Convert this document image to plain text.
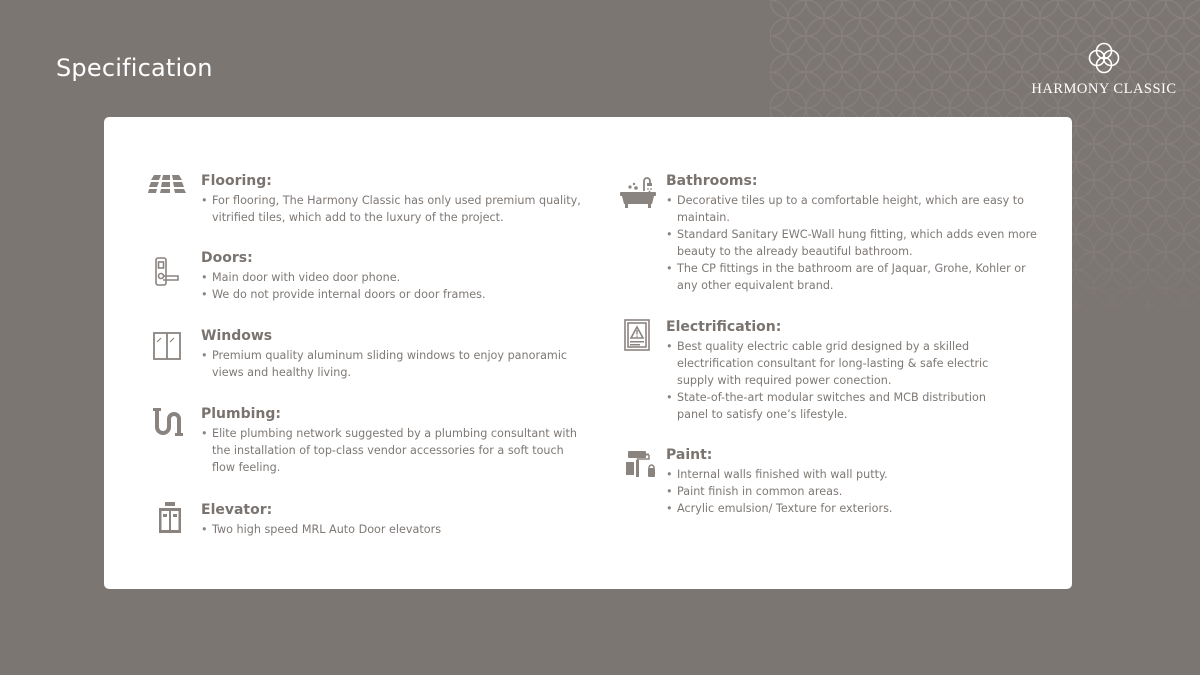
Specification
HARMONY CLASSIC
Flooring:
• For flooring, The Harmony Classic has only used premium quality, vitrified tiles, which add to the luxury of the project.
Doors:
• Main door with video door phone.
• We do not provide internal doors or door frames.
Windows
• Premium quality aluminum sliding windows to enjoy panoramic views and healthy living.
Plumbing:
• Elite plumbing network suggested by a plumbing consultant with the installation of top-class vendor accessories for a soft touch flow feeling.
Elevator:
• Two high speed MRL Auto Door elevators
Bathrooms:
• Decorative tiles up to a comfortable height, which are easy to maintain.
• Standard Sanitary EWC-Wall hung fitting, which adds even more beauty to the already beautiful bathroom.
• The CP fittings in the bathroom are of Jaquar, Grohe, Kohler or any other equivalent brand.
Electrification:
• Best quality electric cable grid designed by a skilled electrification consultant for long-lasting & safe electric supply with required power conection.
• State-of-the-art modular switches and MCB distribution panel to satisfy one’s lifestyle.
Paint:
• Internal walls finished with wall putty.
• Paint finish in common areas.
• Acrylic emulsion/ Texture for exteriors.
